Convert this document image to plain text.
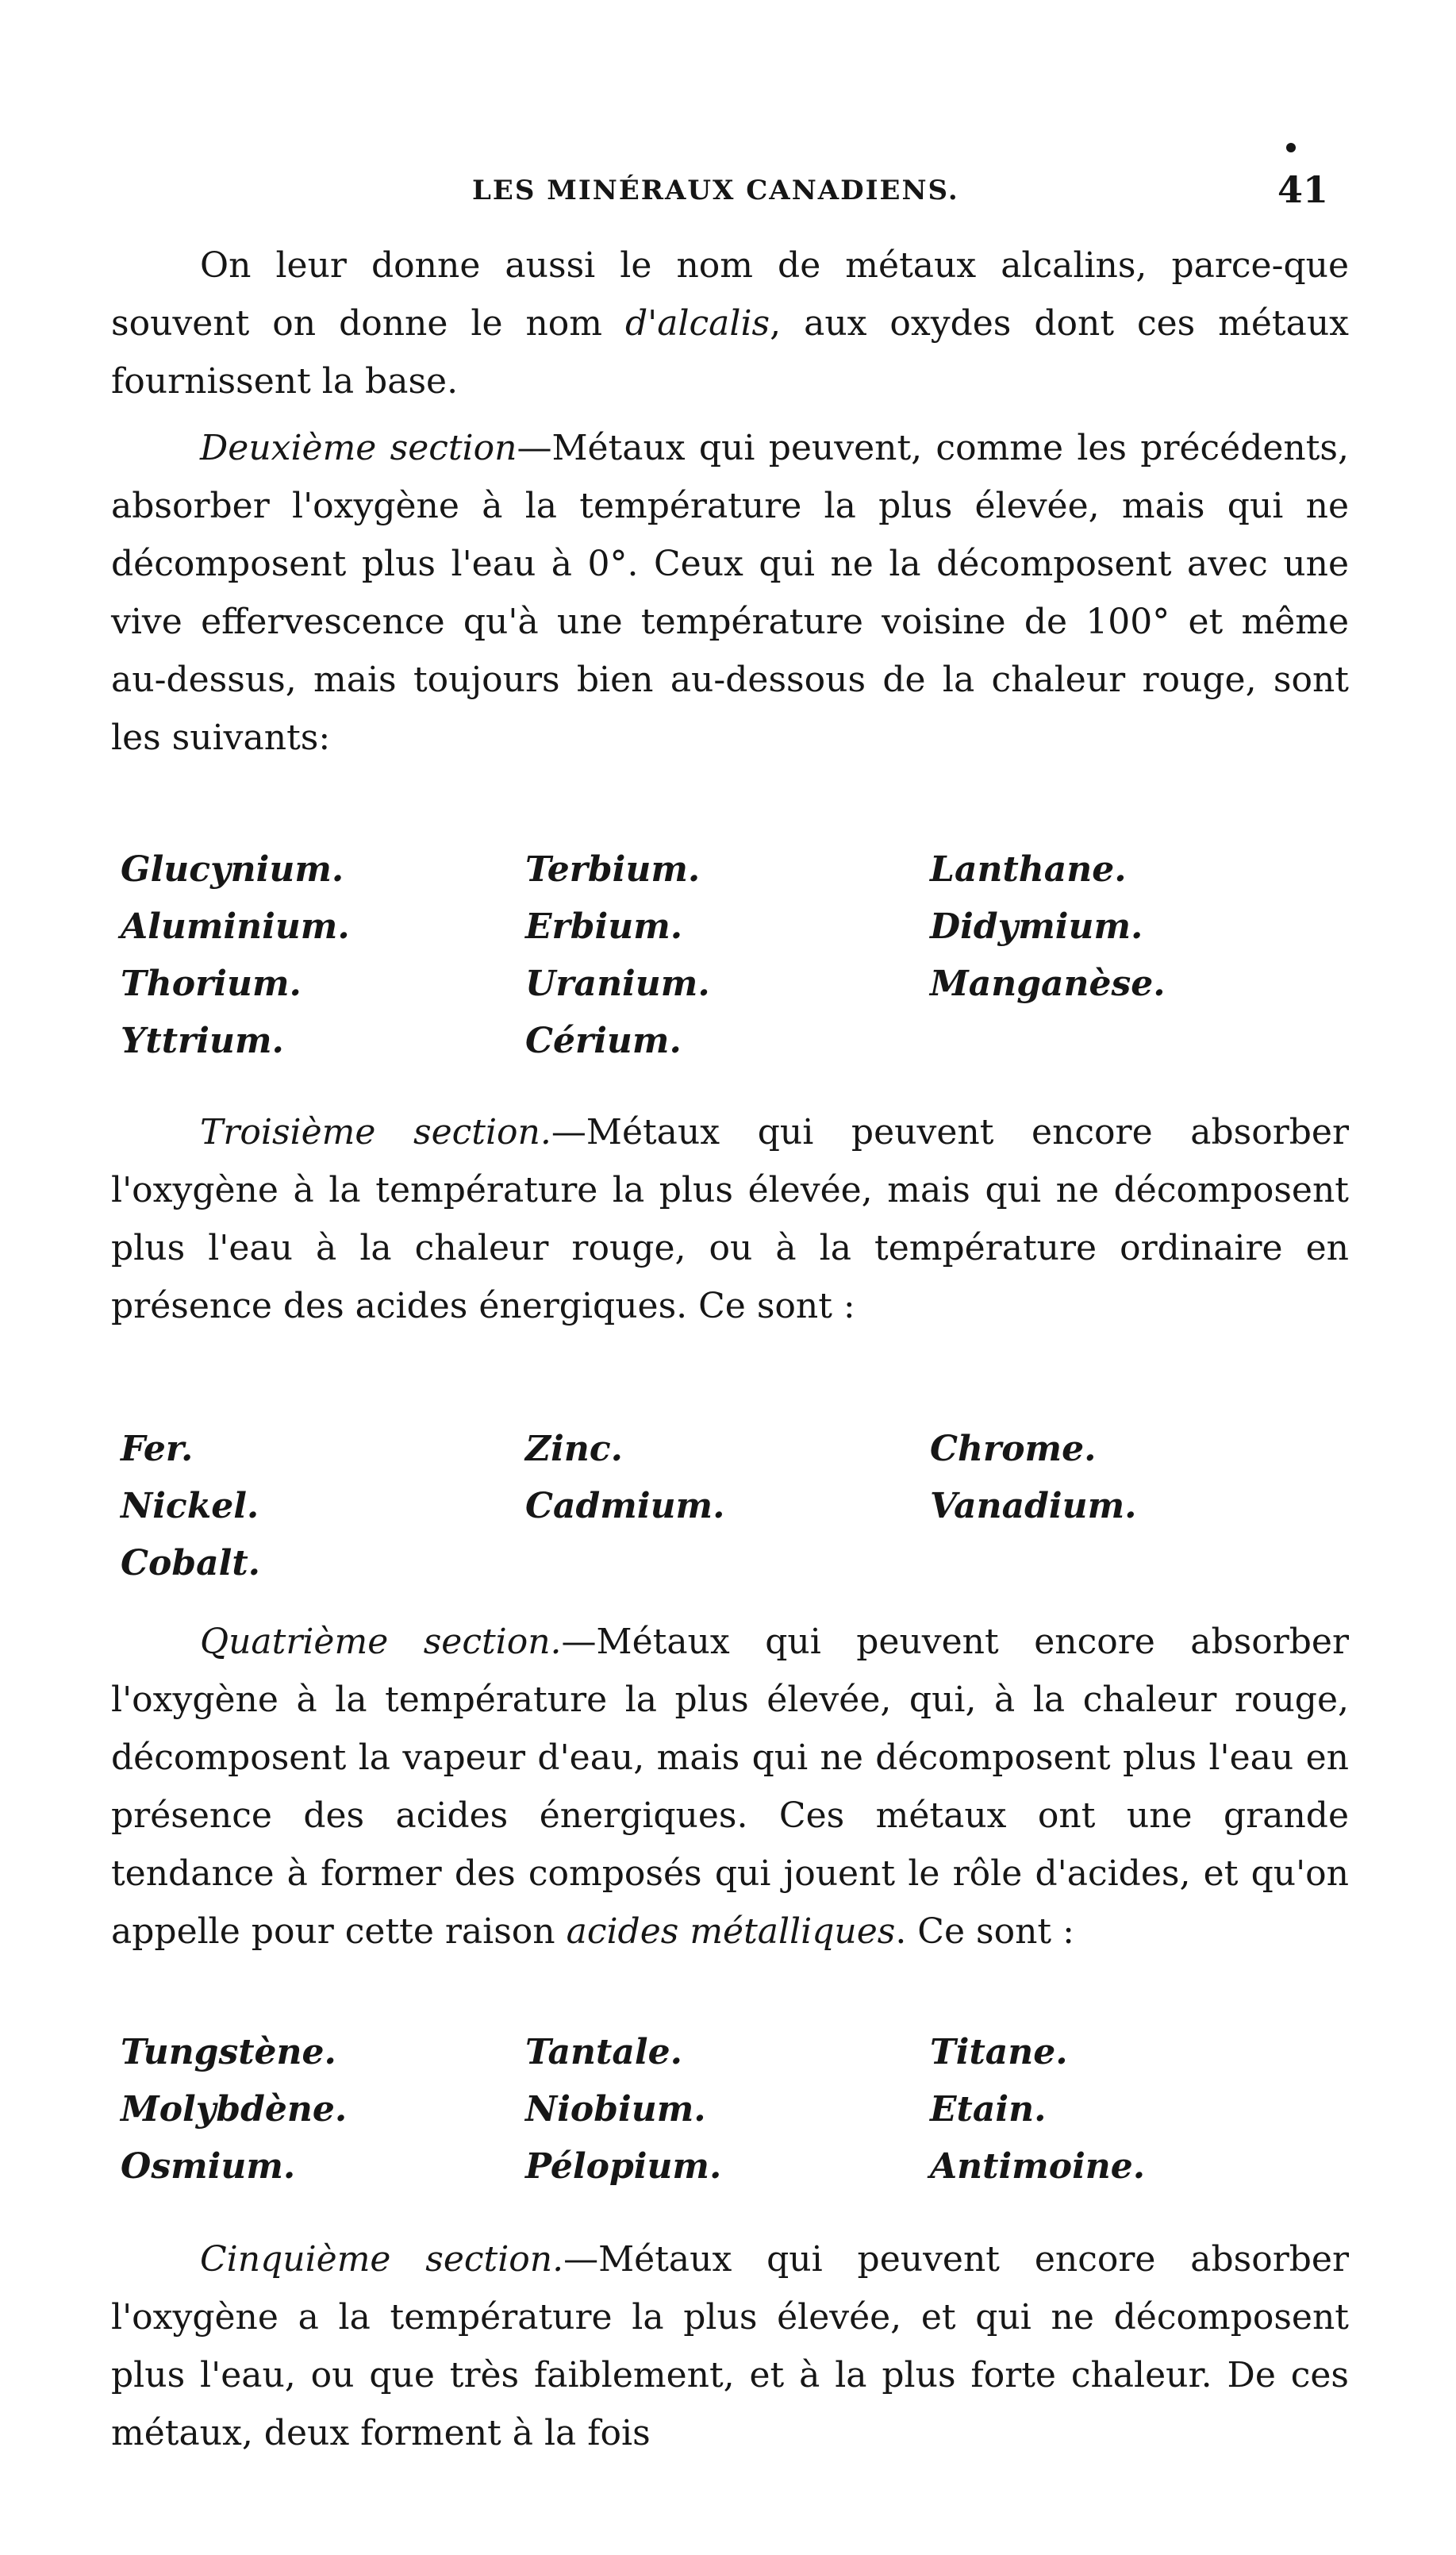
LES MINÉRAUX CANADIENS.	41

On leur donne aussi le nom de métaux alcalins, parce-que souvent on donne le nom d'alcalis, aux oxydes dont ces métaux fournissent la base.

Deuxième section—Métaux qui peuvent, comme les précédents, absorber l'oxygène à la température la plus élevée, mais qui ne décomposent plus l'eau à 0°. Ceux qui ne la décomposent avec une vive effervescence qu'à une température voisine de 100° et même au-dessus, mais toujours bien au-dessous de la chaleur rouge, sont les suivants:

Glucynium.	Terbium.	Lanthane.
Aluminium.	Erbium.	Didymium.
Thorium.	Uranium.	Manganèse.
Yttrium.	Cérium.

Troisième section.—Métaux qui peuvent encore absorber l'oxygène à la température la plus élevée, mais qui ne décomposent plus l'eau à la chaleur rouge, ou à la température ordinaire en présence des acides énergiques. Ce sont :

Fer.	Zinc.	Chrome.
Nickel.	Cadmium.	Vanadium.
Cobalt.

Quatrième section.—Métaux qui peuvent encore absorber l'oxygène à la température la plus élevée, qui, à la chaleur rouge, décomposent la vapeur d'eau, mais qui ne décomposent plus l'eau en présence des acides énergiques. Ces métaux ont une grande tendance à former des composés qui jouent le rôle d'acides, et qu'on appelle pour cette raison acides métalliques. Ce sont :

Tungstène.	Tantale.	Titane.
Molybdène.	Niobium.	Etain.
Osmium.	Pélopium.	Antimoine.

Cinquième section.—Métaux qui peuvent encore absorber l'oxygène a la température la plus élevée, et qui ne décomposent plus l'eau, ou que très faiblement, et à la plus forte chaleur. De ces métaux, deux forment à la fois
